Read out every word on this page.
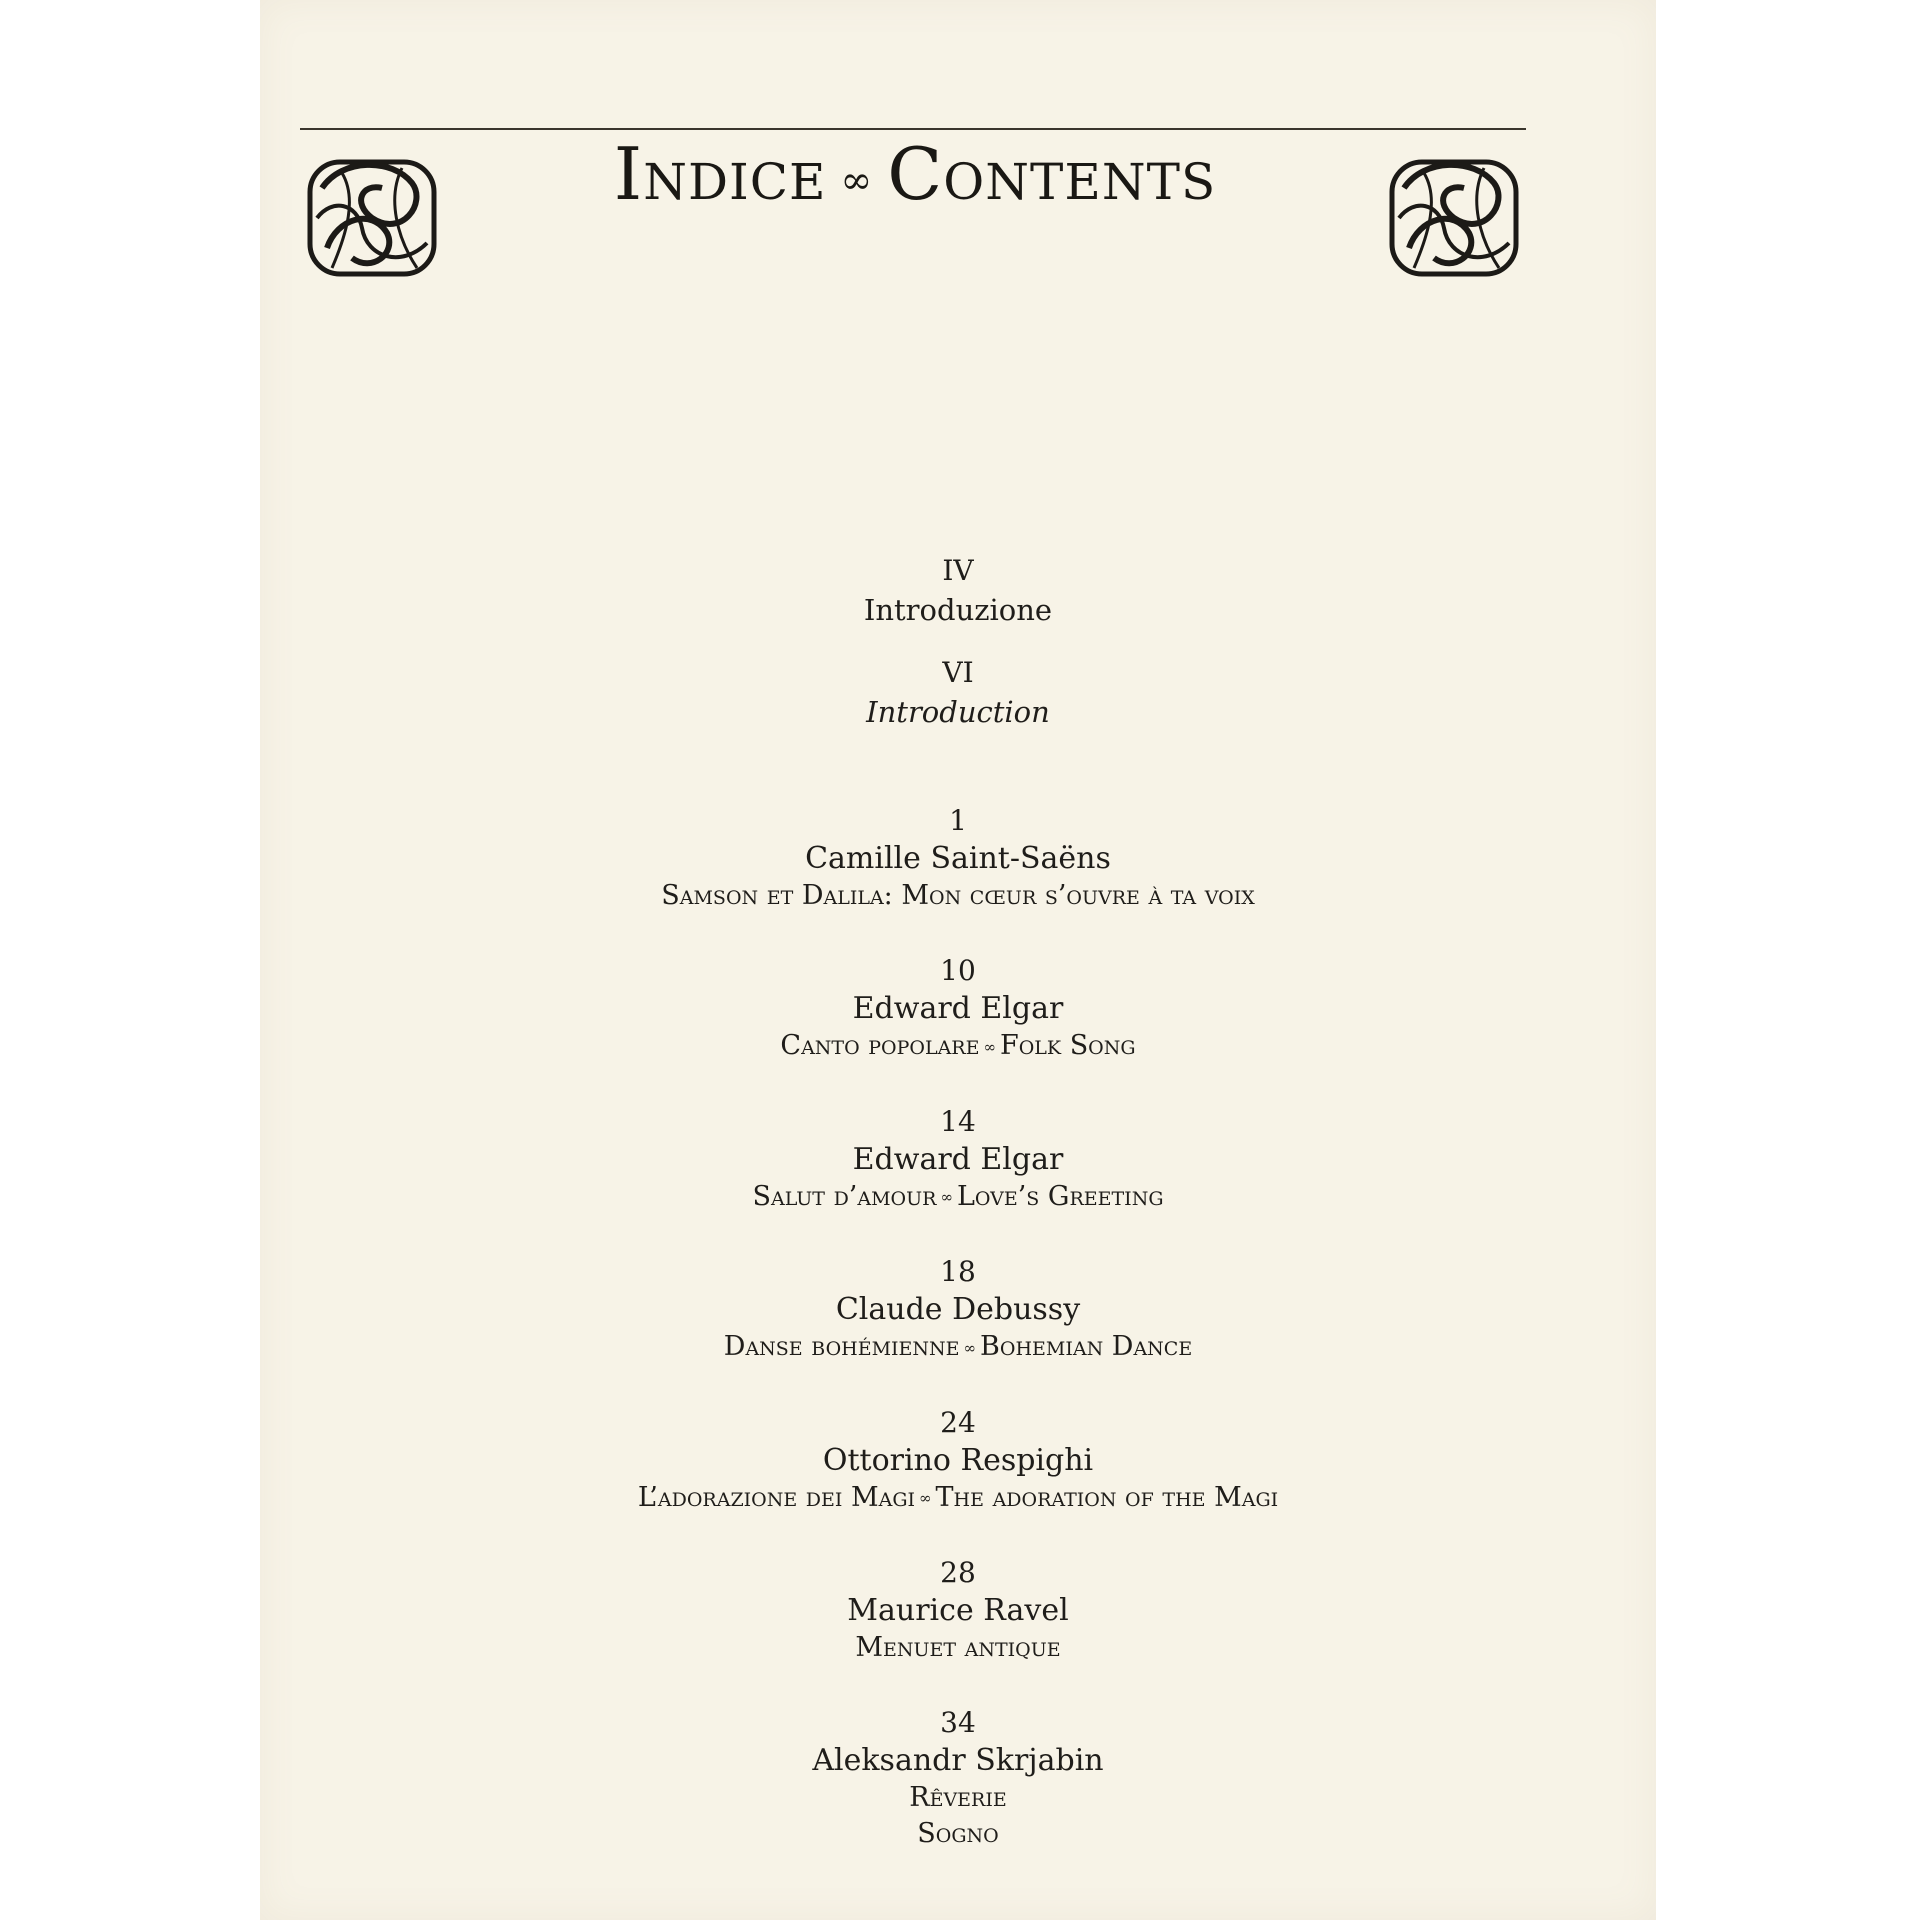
Indice ∞ Contents
IV
Introduzione
VI
Introduction
1
Camille Saint-Saëns
Samson et Dalila: Mon cœur s’ouvre à ta voix
10
Edward Elgar
Canto popolare ∞ Folk Song
14
Edward Elgar
Salut d’amour ∞ Love’s Greeting
18
Claude Debussy
Danse bohémienne ∞ Bohemian Dance
24
Ottorino Respighi
L’adorazione dei Magi ∞ The adoration of the Magi
28
Maurice Ravel
Menuet antique
34
Aleksandr Skrjabin
Rêverie
Sogno
